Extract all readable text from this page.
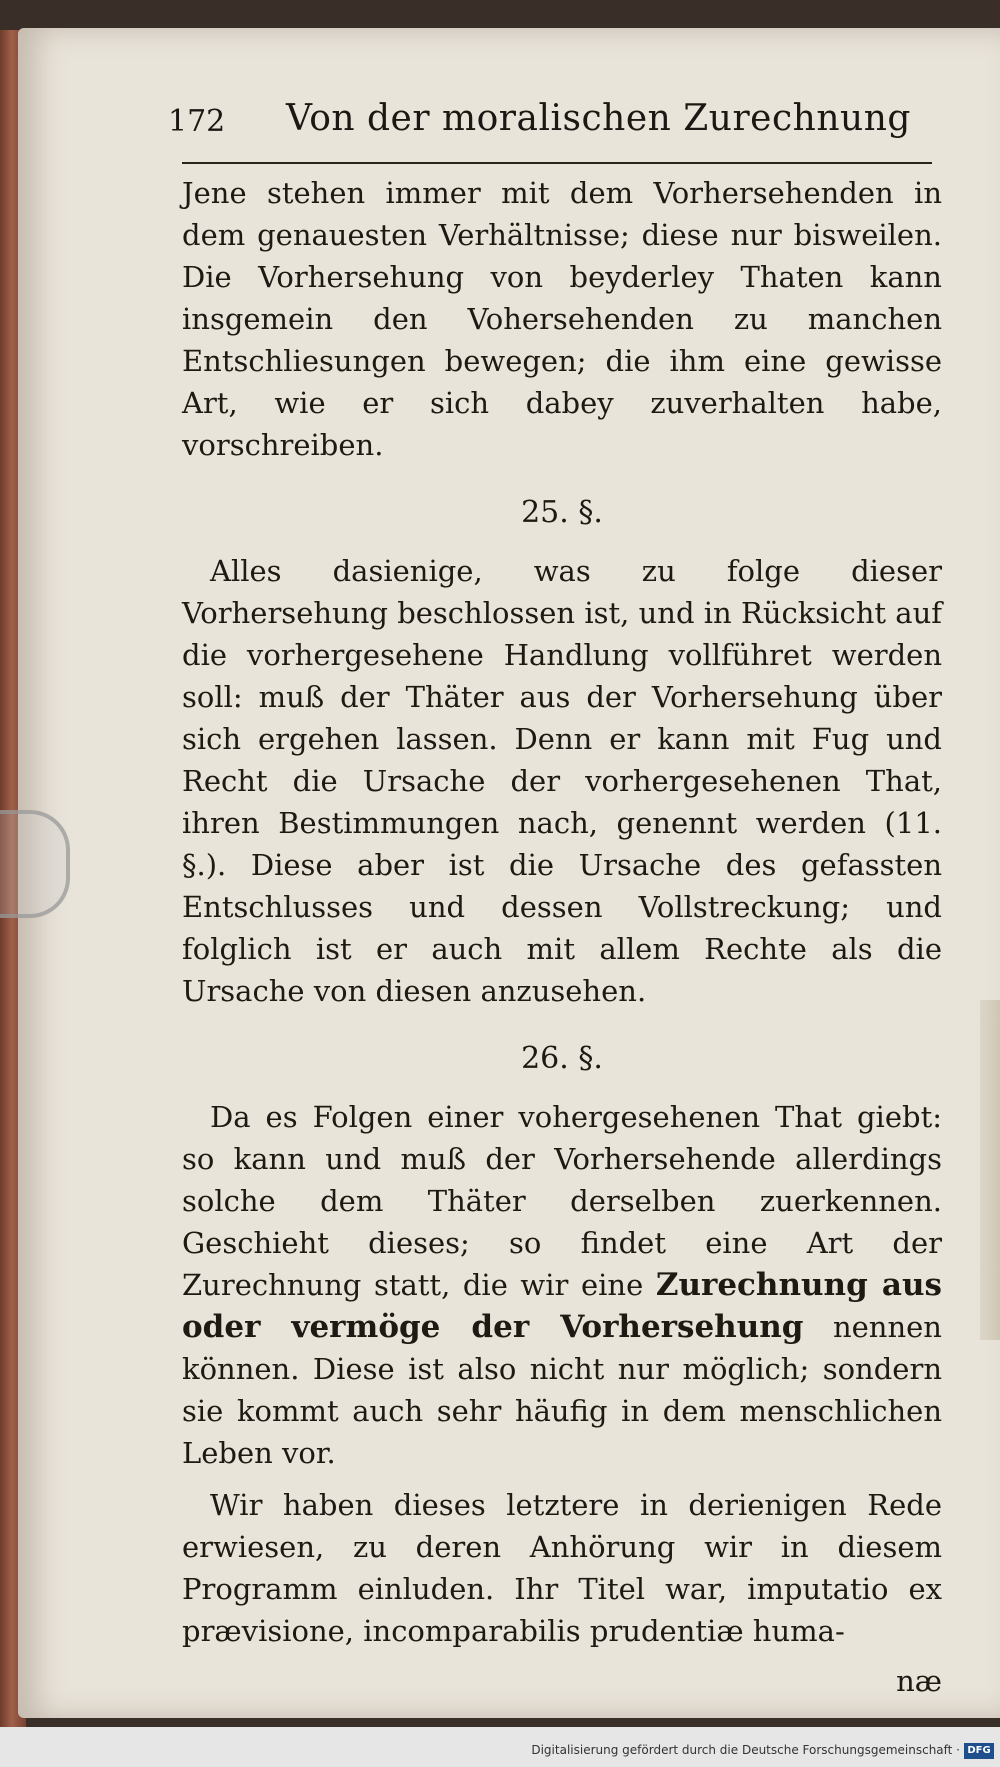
172 Von der moralischen Zurechnung

Jene stehen immer mit dem Vorhersehenden in dem genauesten Verhältnisse; diese nur bisweilen. Die Vorhersehung von beyderley Thaten kann insgemein den Vohersehenden zu manchen Entschliesungen bewegen; die ihm eine gewisse Art, wie er sich dabey zuverhalten habe, vorschreiben.

25. §.

Alles dasienige, was zu folge dieser Vorhersehung beschlossen ist, und in Rücksicht auf die vorhergesehene Handlung vollführet werden soll: muß der Thäter aus der Vorhersehung über sich ergehen lassen. Denn er kann mit Fug und Recht die Ursache der vorhergesehenen That, ihren Bestimmungen nach, genennt werden (11. §.). Diese aber ist die Ursache des gefassten Entschlusses und dessen Vollstreckung; und folglich ist er auch mit allem Rechte als die Ursache von diesen anzusehen.

26. §.

Da es Folgen einer vohergesehenen That giebt: so kann und muß der Vorhersehende allerdings solche dem Thäter derselben zuerkennen. Geschieht dieses; so findet eine Art der Zurechnung statt, die wir eine Zurechnung aus oder vermöge der Vorhersehung nennen können. Diese ist also nicht nur möglich; sondern sie kommt auch sehr häufig in dem menschlichen Leben vor.

Wir haben dieses letztere in derienigen Rede erwiesen, zu deren Anhörung wir in diesem Programm einluden. Ihr Titel war, imputatio ex prævisione, incomparabilis prudentiæ huma-

næ
Digitalisierung gefördert durch die Deutsche Forschungsgemeinschaft · DFG
